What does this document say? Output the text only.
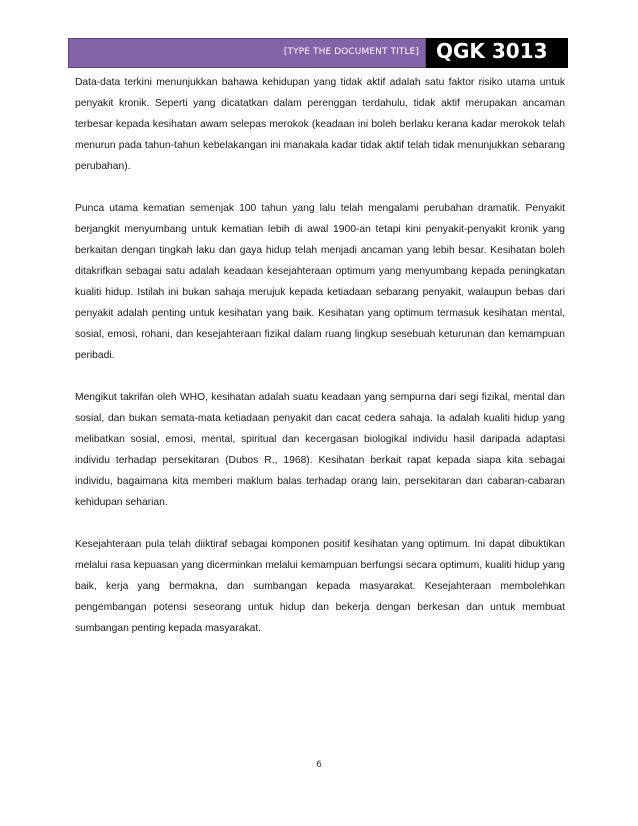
[TYPE THE DOCUMENT TITLE] QGK 3013

Data-data terkini menunjukkan bahawa kehidupan yang tidak aktif adalah satu faktor risiko utama untuk penyakit kronik. Seperti yang dicatatkan dalam perenggan terdahulu, tidak aktif merupakan ancaman terbesar kepada kesihatan awam selepas merokok (keadaan ini boleh berlaku kerana kadar merokok telah menurun pada tahun-tahun kebelakangan ini manakala kadar tidak aktif telah tidak menunjukkan sebarang perubahan).

Punca utama kematian semenjak 100 tahun yang lalu telah mengalami perubahan dramatik. Penyakit berjangkit menyumbang untuk kematian lebih di awal 1900-an tetapi kini penyakit-penyakit kronik yang berkaitan dengan tingkah laku dan gaya hidup telah menjadi ancaman yang lebih besar. Kesihatan boleh ditakrifkan sebagai satu adalah keadaan kesejahteraan optimum yang menyumbang kepada peningkatan kualiti hidup. Istilah ini bukan sahaja merujuk kepada ketiadaan sebarang penyakit, walaupun bebas dari penyakit adalah penting untuk kesihatan yang baik. Kesihatan yang optimum termasuk kesihatan mental, sosial, emosi, rohani, dan kesejahteraan fizikal dalam ruang lingkup sesebuah keturunan dan kemampuan peribadi.

Mengikut takrifan oleh WHO, kesihatan adalah suatu keadaan yang sempurna dari segi fizikal, mental dan sosial, dan bukan semata-mata ketiadaan penyakit dan cacat cedera sahaja. Ia adalah kualiti hidup yang melibatkan sosial, emosi, mental, spiritual dan kecergasan biologikal individu hasil daripada adaptasi individu terhadap persekitaran (Dubos R., 1968). Kesihatan berkait rapat kepada siapa kita sebagai individu, bagaimana kita memberi maklum balas terhadap orang lain, persekitaran dan cabaran-cabaran kehidupan seharian.

Kesejahteraan pula telah diiktiraf sebagai komponen positif kesihatan yang optimum. Ini dapat dibuktikan melalui rasa kepuasan yang dicerminkan melalui kemampuan berfungsi secara optimum, kualiti hidup yang baik, kerja yang bermakna, dan sumbangan kepada masyarakat. Kesejahteraan membolehkan pengembangan potensi seseorang untuk hidup dan bekerja dengan berkesan dan untuk membuat sumbangan penting kepada masyarakat.

6
